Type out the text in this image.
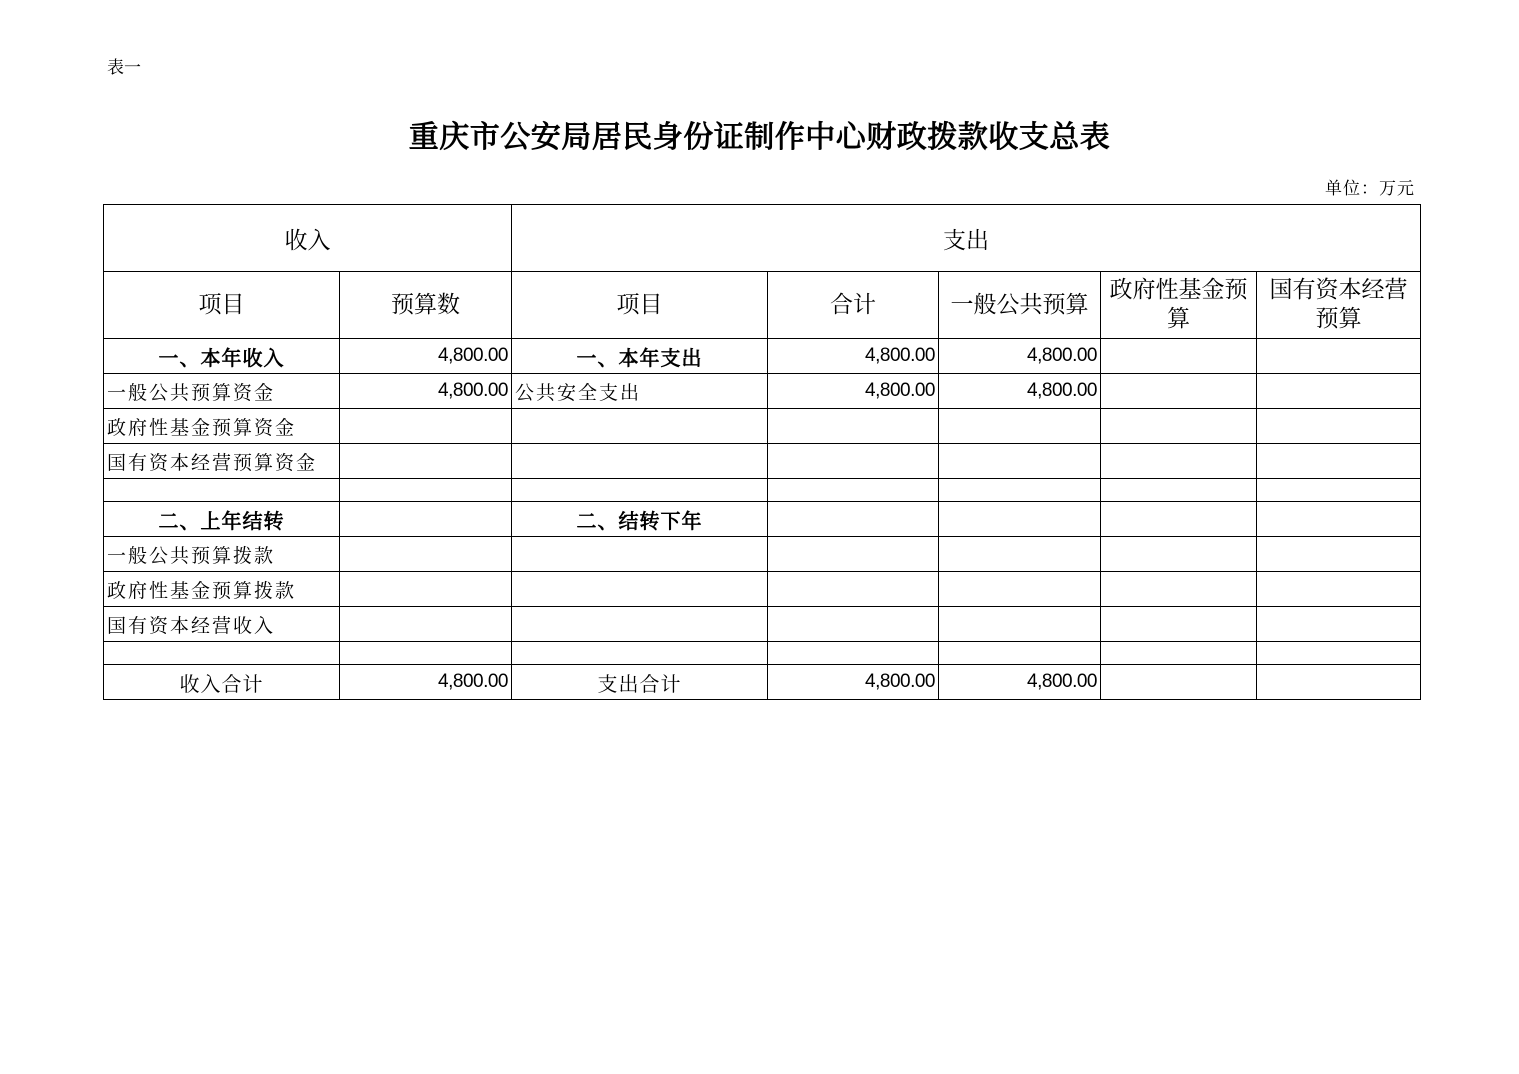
表一
重庆市公安局居民身份证制作中心财政拨款收支总表
单位：万元
收入		支出				
项目	预算数	项目	合计	一般公共预算	政府性基金预算	国有资本经营预算
一、本年收入	4,800.00	一、本年支出	4,800.00	4,800.00		
一般公共预算资金	4,800.00	公共安全支出	4,800.00	4,800.00		
政府性基金预算资金						
国有资本经营预算资金						

二、上年结转		二、结转下年				
一般公共预算拨款						
政府性基金预算拨款						
国有资本经营收入						

收入合计	4,800.00	支出合计	4,800.00	4,800.00		
